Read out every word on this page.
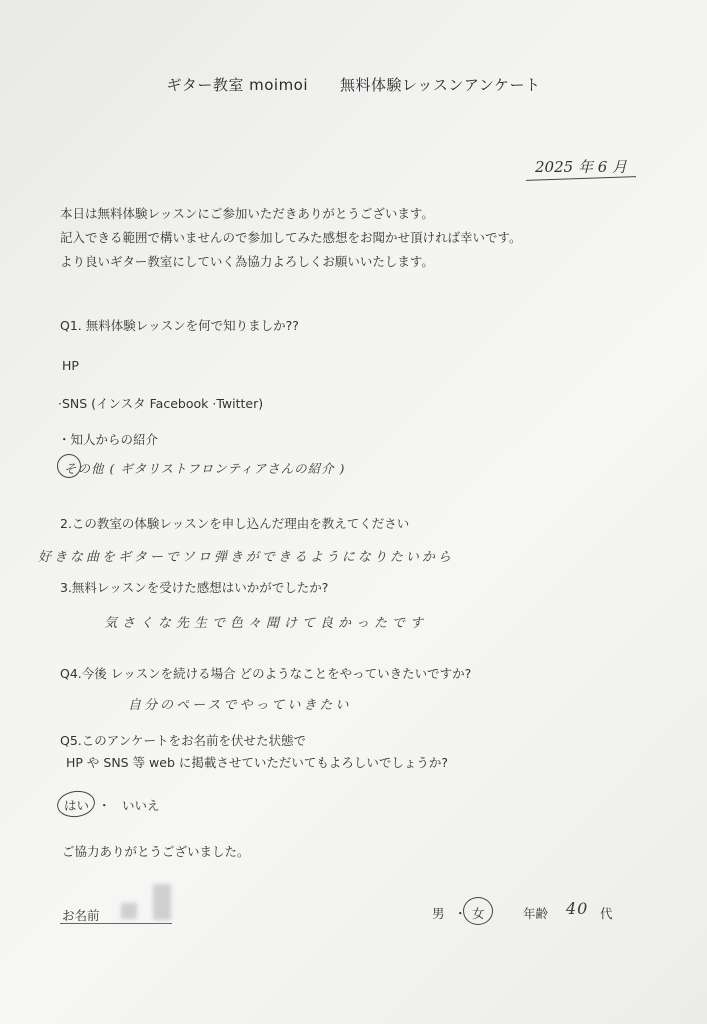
ギター教室 moimoi 無料体験レッスンアンケート
2025 年 6 月
本日は無料体験レッスンにご参加いただきありがとうございます。
記入できる範囲で構いませんので参加してみた感想をお聞かせ頂ければ幸いです。
より良いギター教室にしていく為協力よろしくお願いいたします。
Q1. 無料体験レッスンを何で知りましか??
HP
·SNS (インスタ Facebook ·Twitter)
・知人からの紹介
その他 ( ギタリストフロンティアさんの紹介 )
2.この教室の体験レッスンを申し込んだ理由を教えてください
好きな曲をギターでソロ弾きができるようになりたいから
3.無料レッスンを受けた感想はいかがでしたか?
気さくな先生で色々聞けて良かったです
Q4.今後 レッスンを続ける場合 どのようなことをやっていきたいですか?
自分のペースでやっていきたい
Q5.このアンケートをお名前を伏せた状態で
HP や SNS 等 web に掲載させていただいてもよろしいでしょうか?
はい ・ いいえ
ご協力ありがとうございました。
お名前	男 ・ 女	年齢 40 代
